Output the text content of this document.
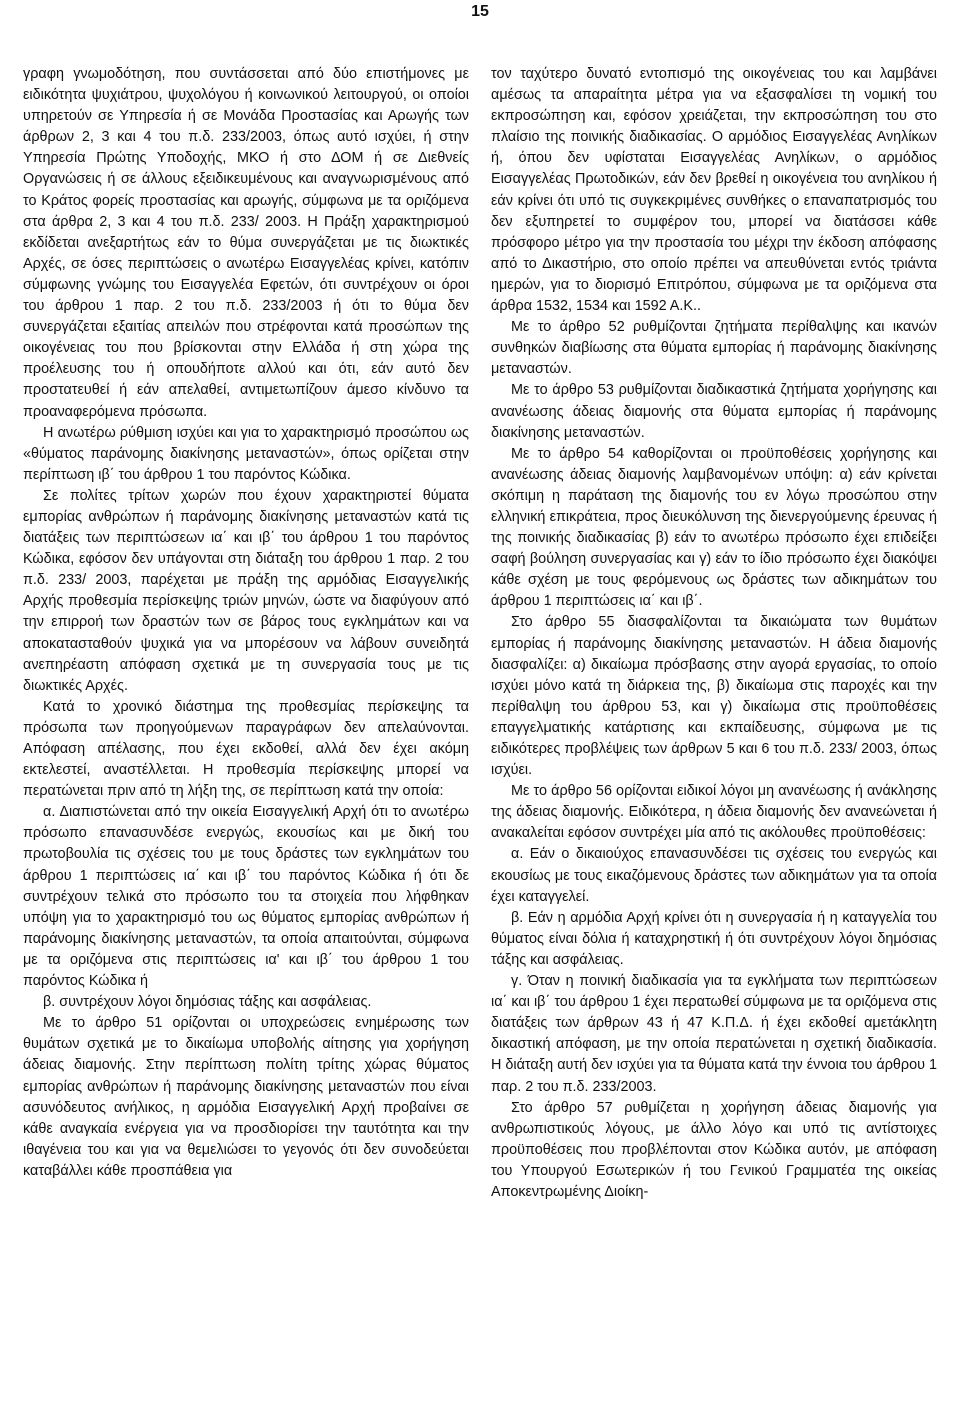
15

γραφη γνωμοδότηση, που συντάσσεται από δύο επιστήμονες με ειδικότητα ψυχιάτρου, ψυχολόγου ή κοινωνικού λειτουργού, οι οποίοι υπηρετούν σε Υπηρεσία ή σε Μονάδα Προστασίας και Αρωγής των άρθρων 2, 3 και 4 του π.δ. 233/2003, όπως αυτό ισχύει, ή στην Υπηρεσία Πρώτης Υποδοχής, ΜΚΟ ή στο ΔΟΜ ή σε Διεθνείς Οργανώσεις ή σε άλλους εξειδικευμένους και αναγνωρισμένους από το Κράτος φορείς προστασίας και αρωγής, σύμφωνα με τα οριζόμενα στα άρθρα 2, 3 και 4 του π.δ. 233/ 2003. Η Πράξη χαρακτηρισμού εκδίδεται ανεξαρτήτως εάν το θύμα συνεργάζεται με τις διωκτικές Αρχές, σε όσες περιπτώσεις ο ανωτέρω Εισαγγελέας κρίνει, κατόπιν σύμφωνης γνώμης του Εισαγγελέα Εφετών, ότι συντρέχουν οι όροι του άρθρου 1 παρ. 2 του π.δ. 233/2003 ή ότι το θύμα δεν συνεργάζεται εξαιτίας απειλών που στρέφονται κατά προσώπων της οικογένειας του που βρίσκονται στην Ελλάδα ή στη χώρα της προέλευσης του ή οπουδήποτε αλλού και ότι, εάν αυτό δεν προστατευθεί ή εάν απελαθεί, αντιμετωπίζουν άμεσο κίνδυνο τα προαναφερόμενα πρόσωπα.

Η ανωτέρω ρύθμιση ισχύει και για το χαρακτηρισμό προσώπου ως «θύματος παράνομης διακίνησης μεταναστών», όπως ορίζεται στην περίπτωση ιβ΄ του άρθρου 1 του παρόντος Κώδικα.

Σε πολίτες τρίτων χωρών που έχουν χαρακτηριστεί θύματα εμπορίας ανθρώπων ή παράνομης διακίνησης μεταναστών κατά τις διατάξεις των περιπτώσεων ια΄ και ιβ΄ του άρθρου 1 του παρόντος Κώδικα, εφόσον δεν υπάγονται στη διάταξη του άρθρου 1 παρ. 2 του π.δ. 233/ 2003, παρέχεται με πράξη της αρμόδιας Εισαγγελικής Αρχής προθεσμία περίσκεψης τριών μηνών, ώστε να διαφύγουν από την επιρροή των δραστών των σε βάρος τους εγκλημάτων και να αποκατασταθούν ψυχικά για να μπορέσουν να λάβουν συνειδητά ανεπηρέαστη απόφαση σχετικά με τη συνεργασία τους με τις διωκτικές Αρχές.

Κατά το χρονικό διάστημα της προθεσμίας περίσκεψης τα πρόσωπα των προηγούμενων παραγράφων δεν απελαύνονται. Απόφαση απέλασης, που έχει εκδοθεί, αλλά δεν έχει ακόμη εκτελεστεί, αναστέλλεται. Η προθεσμία περίσκεψης μπορεί να περατώνεται πριν από τη λήξη της, σε περίπτωση κατά την οποία:

α. Διαπιστώνεται από την οικεία Εισαγγελική Αρχή ότι το ανωτέρω πρόσωπο επανασυνδέσε ενεργώς, εκουσίως και με δική του πρωτοβουλία τις σχέσεις του με τους δράστες των εγκλημάτων του άρθρου 1 περιπτώσεις ια΄ και ιβ΄ του παρόντος Κώδικα ή ότι δε συντρέχουν τελικά στο πρόσωπο του τα στοιχεία που λήφθηκαν υπόψη για το χαρακτηρισμό του ως θύματος εμπορίας ανθρώπων ή παράνομης διακίνησης μεταναστών, τα οποία απαιτούνται, σύμφωνα με τα οριζόμενα στις περιπτώσεις ια' και ιβ΄ του άρθρου 1 του παρόντος Κώδικα ή

β. συντρέχουν λόγοι δημόσιας τάξης και ασφάλειας.

Με το άρθρο 51 ορίζονται οι υποχρεώσεις ενημέρωσης των θυμάτων σχετικά με το δικαίωμα υποβολής αίτησης για χορήγηση άδειας διαμονής. Στην περίπτωση πολίτη τρίτης χώρας θύματος εμπορίας ανθρώπων ή παράνομης διακίνησης μεταναστών που είναι ασυνόδευτος ανήλικος, η αρμόδια Εισαγγελική Αρχή προβαίνει σε κάθε αναγκαία ενέργεια για να προσδιορίσει την ταυτότητα και την ιθαγένεια του και για να θεμελιώσει το γεγονός ότι δεν συνοδεύεται καταβάλλει κάθε προσπάθεια για

τον ταχύτερο δυνατό εντοπισμό της οικογένειας του και λαμβάνει αμέσως τα απαραίτητα μέτρα για να εξασφαλίσει τη νομική του εκπροσώπηση και, εφόσον χρειάζεται, την εκπροσώπηση του στο πλαίσιο της ποινικής διαδικασίας. Ο αρμόδιος Εισαγγελέας Ανηλίκων ή, όπου δεν υφίσταται Εισαγγελέας Ανηλίκων, ο αρμόδιος Εισαγγελέας Πρωτοδικών, εάν δεν βρεθεί η οικογένεια του ανηλίκου ή εάν κρίνει ότι υπό τις συγκεκριμένες συνθήκες ο επαναπατρισμός του δεν εξυπηρετεί το συμφέρον του, μπορεί να διατάσσει κάθε πρόσφορο μέτρο για την προστασία του μέχρι την έκδοση απόφασης από το Δικαστήριο, στο οποίο πρέπει να απευθύνεται εντός τριάντα ημερών, για το διορισμό Επιτρόπου, σύμφωνα με τα οριζόμενα στα άρθρα 1532, 1534 και 1592 Α.Κ..

Με το άρθρο 52 ρυθμίζονται ζητήματα περίθαλψης και ικανών συνθηκών διαβίωσης στα θύματα εμπορίας ή παράνομης διακίνησης μεταναστών.

Με το άρθρο 53 ρυθμίζονται διαδικαστικά ζητήματα χορήγησης και ανανέωσης άδειας διαμονής στα θύματα εμπορίας ή παράνομης διακίνησης μεταναστών.

Με το άρθρο 54 καθορίζονται οι προϋποθέσεις χορήγησης και ανανέωσης άδειας διαμονής λαμβανομένων υπόψη: α) εάν κρίνεται σκόπιμη η παράταση της διαμονής του εν λόγω προσώπου στην ελληνική επικράτεια, προς διευκόλυνση της διενεργούμενης έρευνας ή της ποινικής διαδικασίας β) εάν το ανωτέρω πρόσωπο έχει επιδείξει σαφή βούληση συνεργασίας και γ) εάν το ίδιο πρόσωπο έχει διακόψει κάθε σχέση με τους φερόμενους ως δράστες των αδικημάτων του άρθρου 1 περιπτώσεις ια΄ και ιβ΄.

Στο άρθρο 55 διασφαλίζονται τα δικαιώματα των θυμάτων εμπορίας ή παράνομης διακίνησης μεταναστών. Η άδεια διαμονής διασφαλίζει: α) δικαίωμα πρόσβασης στην αγορά εργασίας, το οποίο ισχύει μόνο κατά τη διάρκεια της, β) δικαίωμα στις παροχές και την περίθαλψη του άρθρου 53, και γ) δικαίωμα στις προϋποθέσεις επαγγελματικής κατάρτισης και εκπαίδευσης, σύμφωνα με τις ειδικότερες προβλέψεις των άρθρων 5 και 6 του π.δ. 233/ 2003, όπως ισχύει.

Με το άρθρο 56 ορίζονται ειδικοί λόγοι μη ανανέωσης ή ανάκλησης της άδειας διαμονής. Ειδικότερα, η άδεια διαμονής δεν ανανεώνεται ή ανακαλείται εφόσον συντρέχει μία από τις ακόλουθες προϋποθέσεις:

α. Εάν ο δικαιούχος επανασυνδέσει τις σχέσεις του ενεργώς και εκουσίως με τους εικαζόμενους δράστες των αδικημάτων για τα οποία έχει καταγγελεί.

β. Εάν η αρμόδια Αρχή κρίνει ότι η συνεργασία ή η καταγγελία του θύματος είναι δόλια ή καταχρηστική ή ότι συντρέχουν λόγοι δημόσιας τάξης και ασφάλειας.

γ. Όταν η ποινική διαδικασία για τα εγκλήματα των περιπτώσεων ια΄ και ιβ΄ του άρθρου 1 έχει περατωθεί σύμφωνα με τα οριζόμενα στις διατάξεις των άρθρων 43 ή 47 Κ.Π.Δ. ή έχει εκδοθεί αμετάκλητη δικαστική απόφαση, με την οποία περατώνεται η σχετική διαδικασία. Η διάταξη αυτή δεν ισχύει για τα θύματα κατά την έννοια του άρθρου 1 παρ. 2 του π.δ. 233/2003.

Στο άρθρο 57 ρυθμίζεται η χορήγηση άδειας διαμονής για ανθρωπιστικούς λόγους, με άλλο λόγο και υπό τις αντίστοιχες προϋποθέσεις που προβλέπονται στον Κώδικα αυτόν, με απόφαση του Υπουργού Εσωτερικών ή του Γενικού Γραμματέα της οικείας Αποκεντρωμένης Διοίκη-
